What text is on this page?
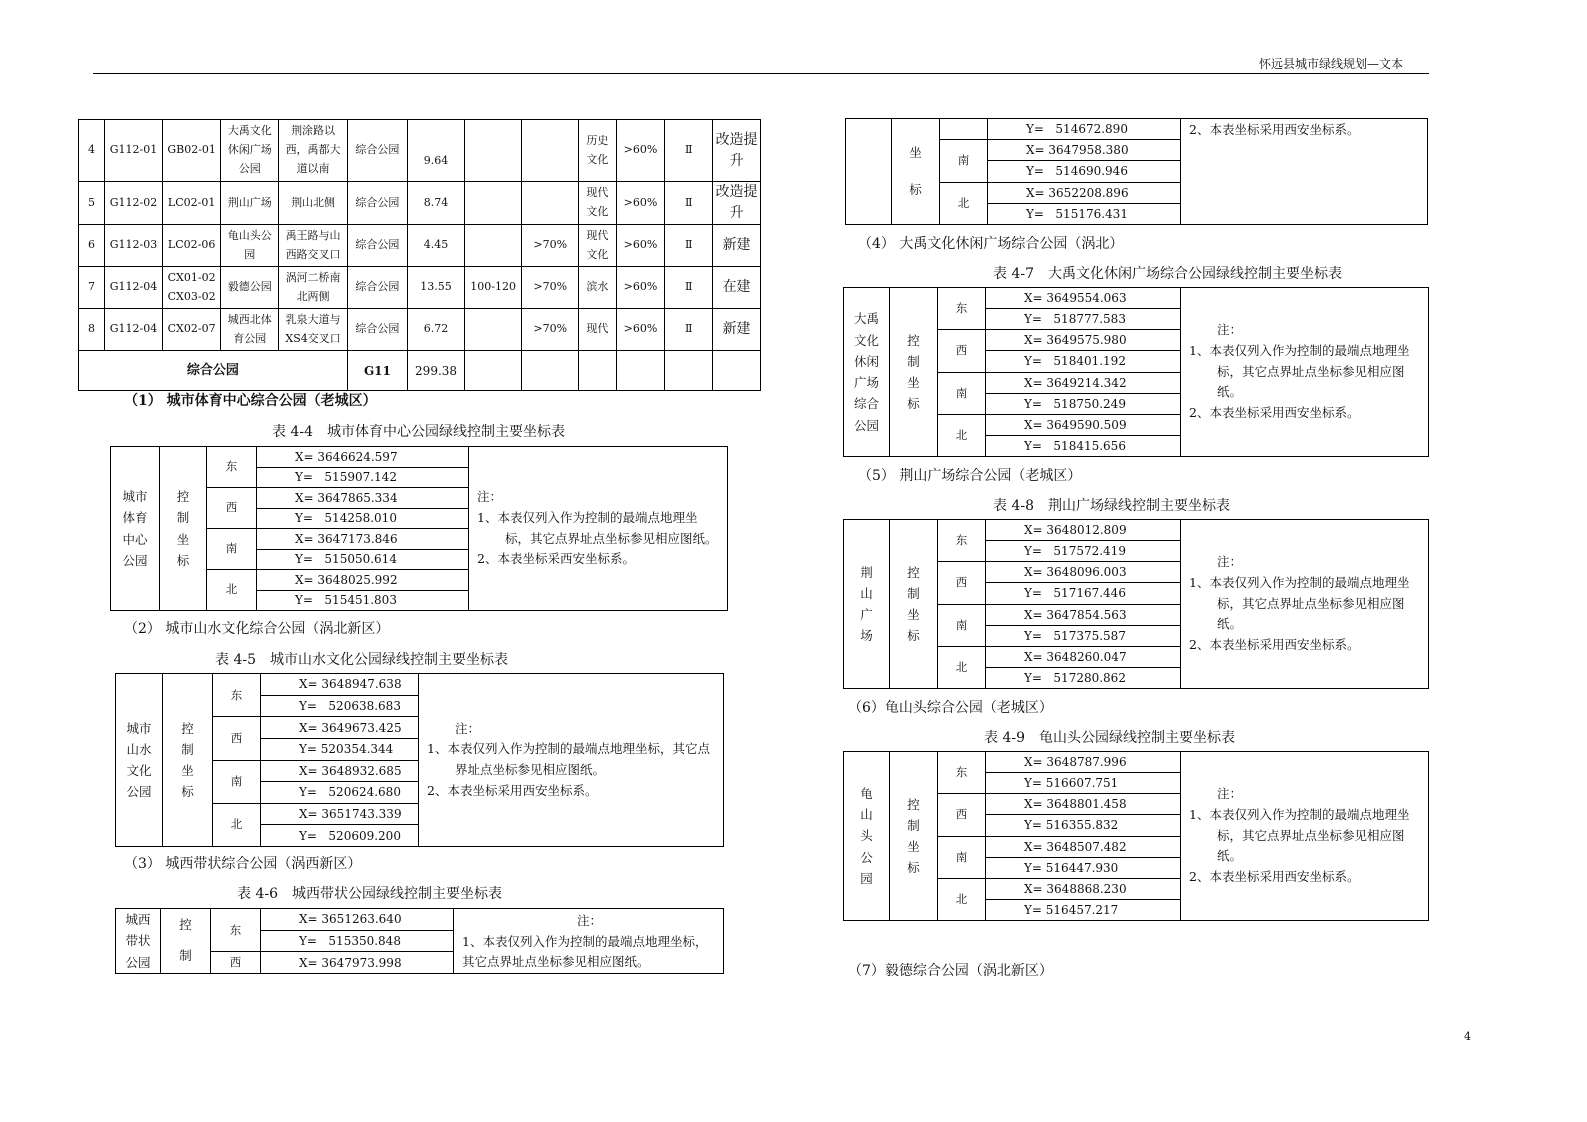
怀远县城市绿线规划—文本
4	G112-01	GB02-01	大禹文化休闲广场公园	荆涂路以西，禹都大道以南	综合公园	9.64			历史文化	>60%	Ⅱ	改造提升
5	G112-02	LC02-01	荆山广场	荆山北侧	综合公园	8.74			现代文化	>60%	Ⅱ	改造提升
6	G112-03	LC02-06	龟山头公园	禹王路与山西路交叉口	综合公园	4.45		>70%	现代文化	>60%	Ⅱ	新建
7	G112-04	CX01-02 CX03-02	毅德公园	涡河二桥南北两侧	综合公园	13.55	100-120	>70%	滨水	>60%	Ⅱ	在建
8	G112-04	CX02-07	城西北体育公园	乳泉大道与XS4交叉口	综合公园	6.72		>70%	现代	>60%	Ⅱ	新建
综合公园					G11	299.38						
（1） 城市体育中心综合公园（老城区）
表 4-4　城市体育中心公园绿线控制主要坐标表
城市体育中心公园	控制坐标	东	X= 3646624.597	注：
1、本表仅列入作为控制的最端点地理坐标，其它点界址点坐标参见相应图纸。
2、本表坐标采西安坐标系。

			Y=   515907.142	
		西	X= 3647865.334	
			Y=   514258.010	
		南	X= 3647173.846	
			Y=   515050.614	
		北	X= 3648025.992	
			Y=   515451.803	
（2） 城市山水文化综合公园（涡北新区）
表 4-5　城市山水文化公园绿线控制主要坐标表
城市山水文化公园	控制坐标	东	X= 3648947.638	注：
1、本表仅列入作为控制的最端点地理坐标，其它点界址点坐标参见相应图纸。
2、本表坐标采用西安坐标系。

			Y=   520638.683	
		西	X= 3649673.425	
			Y= 520354.344	
		南	X= 3648932.685	
			Y=   520624.680	
		北	X= 3651743.339	
			Y=   520609.200	
（3） 城西带状综合公园（涡西新区）
表 4-6　城西带状公园绿线控制主要坐标表
城西带状公园	控制	东	X= 3651263.640	注：
1、本表仅列入作为控制的最端点地理坐标，其它点界址点坐标参见相应图纸。

			Y=   515350.848	
		西	X= 3647973.998	

	坐标		Y=   514672.890	2、本表坐标采用西安坐标系。

		南	X= 3647958.380	
			Y=   514690.946	
		北	X= 3652208.896	
			Y=   515176.431	
（4） 大禹文化休闲广场综合公园（涡北）
表 4-7　大禹文化休闲广场综合公园绿线控制主要坐标表
大禹文化休闲广场综合公园	控制坐标	东	X= 3649554.063	注：
1、本表仅列入作为控制的最端点地理坐标，其它点界址点坐标参见相应图纸。
2、本表坐标采用西安坐标系。

			Y=   518777.583	
		西	X= 3649575.980	
			Y=   518401.192	
		南	X= 3649214.342	
			Y=   518750.249	
		北	X= 3649590.509	
			Y=   518415.656	
（5） 荆山广场综合公园（老城区）
表 4-8　荆山广场绿线控制主要坐标表
荆山广场	控制坐标	东	X= 3648012.809	注：
1、本表仅列入作为控制的最端点地理坐标，其它点界址点坐标参见相应图纸。
2、本表坐标采用西安坐标系。

			Y=   517572.419	
		西	X= 3648096.003	
			Y=   517167.446	
		南	X= 3647854.563	
			Y=   517375.587	
		北	X= 3648260.047	
			Y=   517280.862	
（6）龟山头综合公园（老城区）
表 4-9　龟山头公园绿线控制主要坐标表
龟山头公园	控制坐标	东	X= 3648787.996	注：
1、本表仅列入作为控制的最端点地理坐标，其它点界址点坐标参见相应图纸。
2、本表坐标采用西安坐标系。

			Y= 516607.751	
		西	X= 3648801.458	
			Y= 516355.832	
		南	X= 3648507.482	
			Y= 516447.930	
		北	X= 3648868.230	
			Y= 516457.217	
（7）毅德综合公园（涡北新区）
4
